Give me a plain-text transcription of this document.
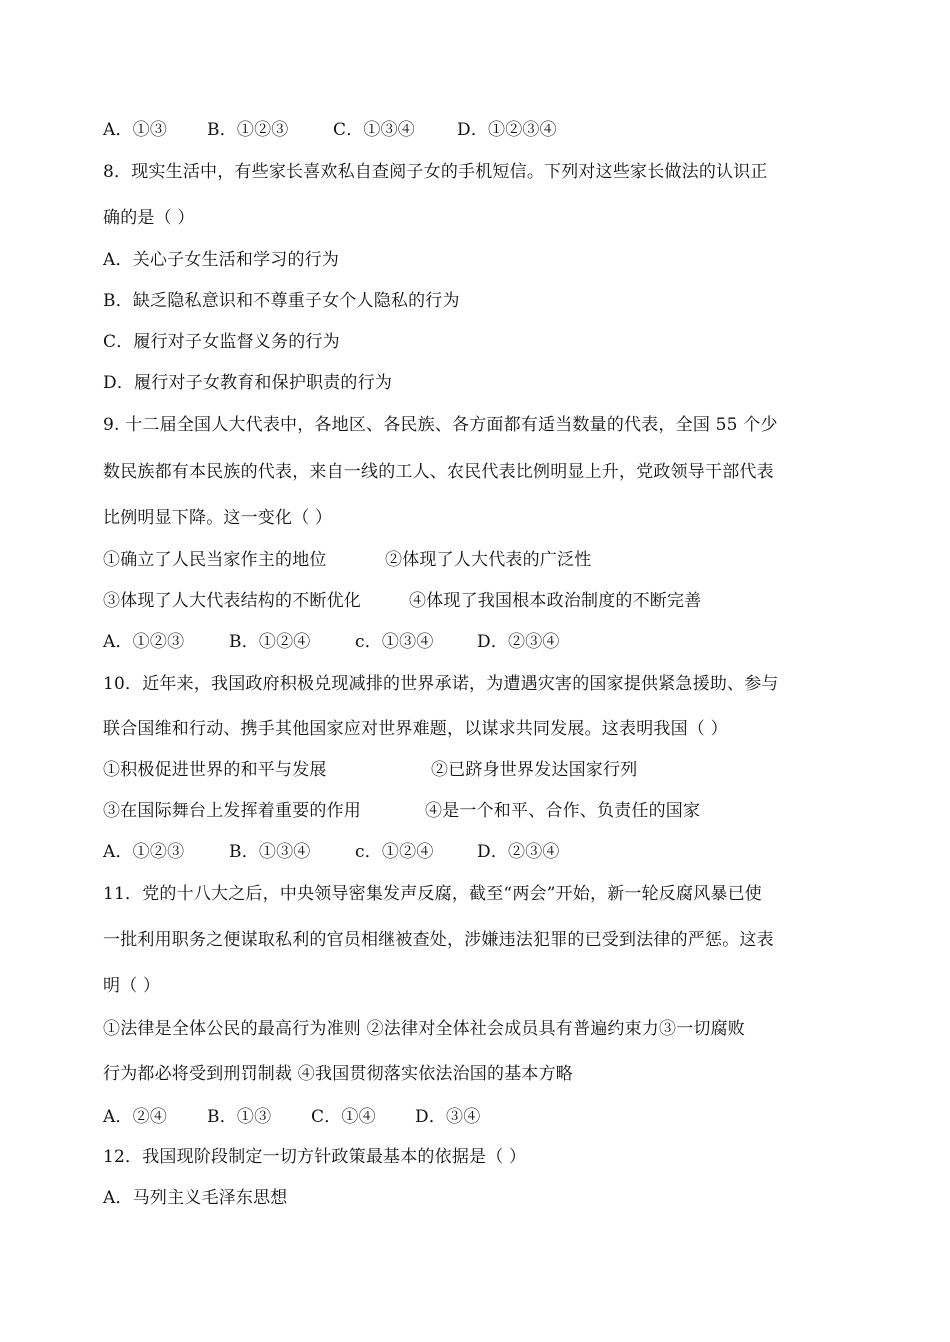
A．①③ B．①②③	C．①③④ D．①②③④
8．现实生活中，有些家长喜欢私自查阅子女的手机短信。下列对这些家长做法的认识正
确的是（ ）
A．关心子女生活和学习的行为
B．缺乏隐私意识和不尊重子女个人隐私的行为
C．履行对子女监督义务的行为
D．履行对子女教育和保护职责的行为
9. 十二届全国人大代表中，各地区、各民族、各方面都有适当数量的代表，全国 55 个少
数民族都有本民族的代表，来自一线的工人、农民代表比例明显上升，党政领导干部代表
比例明显下降。这一变化（ ）
①确立了人民当家作主的地位	②体现了人大代表的广泛性
③体现了人大代表结构的不断优化	④体现了我国根本政治制度的不断完善
A．①②③	B．①②④	c．①③④	D．②③④
10．近年来，我国政府积极兑现减排的世界承诺，为遭遇灾害的国家提供紧急援助、参与
联合国维和行动、携手其他国家应对世界难题，以谋求共同发展。这表明我国（ ）
①积极促进世界的和平与发展	②已跻身世界发达国家行列
③在国际舞台上发挥着重要的作用	④是一个和平、合作、负责任的国家
A．①②③	B．①③④	c．①②④	D．②③④
11．党的十八大之后，中央领导密集发声反腐，截至“两会”开始，新一轮反腐风暴已使
一批利用职务之便谋取私利的官员相继被查处，涉嫌违法犯罪的已受到法律的严惩。这表
明（ ）
①法律是全体公民的最高行为准则 ②法律对全体社会成员具有普遍约束力③一切腐败
行为都必将受到刑罚制裁 ④我国贯彻落实依法治国的基本方略
A．②④ B．①③ C．①④ D．③④
12．我国现阶段制定一切方针政策最基本的依据是（ ）
A．马列主义毛泽东思想
